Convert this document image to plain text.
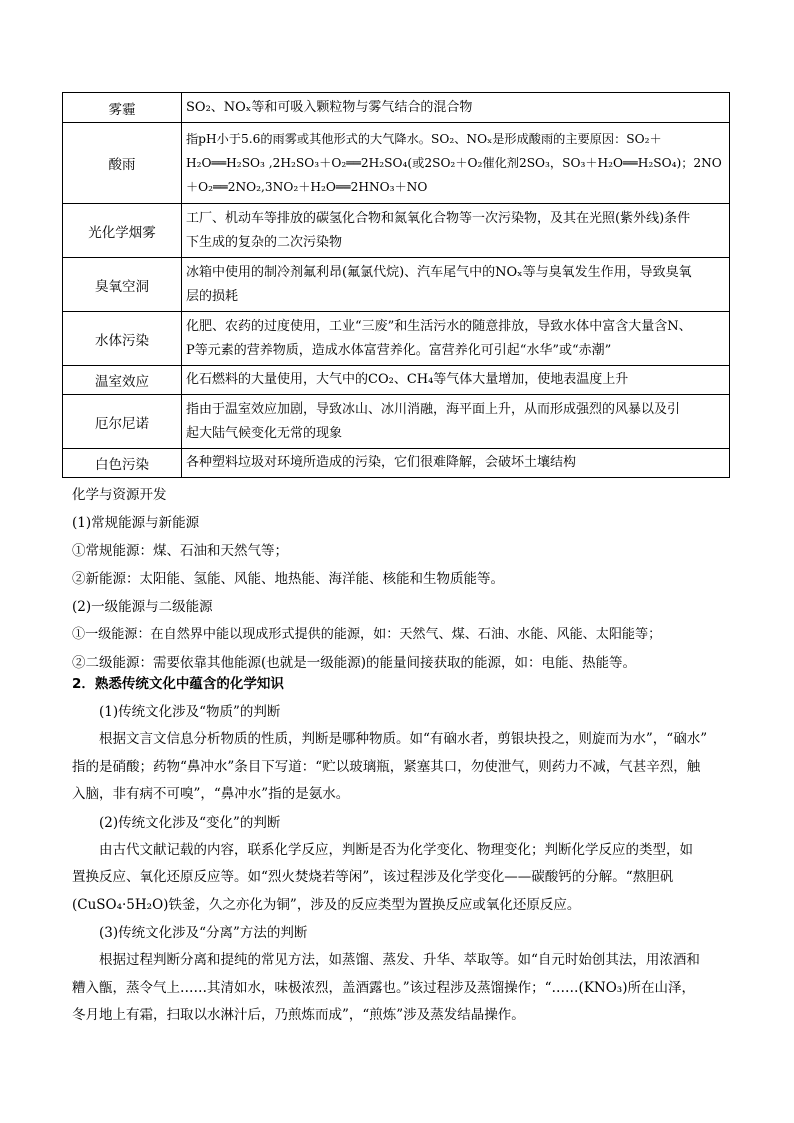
雾霾	SO₂、NOₓ等和可吸入颗粒物与雾气结合的混合物

酸雨	指pH小于5.6的雨雾或其他形式的大气降水。SO₂、NOₓ是形成酸雨的主要原因：SO₂＋
H₂O══H₂SO₃ ,2H₂SO₃＋O₂══2H₂SO₄(或2SO₂＋O₂催化剂2SO₃，SO₃＋H₂O══H₂SO₄)；2NO
＋O₂══2NO₂,3NO₂＋H₂O══2HNO₃＋NO

光化学烟雾	工厂、机动车等排放的碳氢化合物和氮氧化合物等一次污染物，及其在光照(紫外线)条件
下生成的复杂的二次污染物

臭氧空洞	冰箱中使用的制冷剂氟利昂(氟氯代烷)、汽车尾气中的NOₓ等与臭氧发生作用，导致臭氧
层的损耗

水体污染	化肥、农药的过度使用，工业“三废”和生活污水的随意排放，导致水体中富含大量含N、
P等元素的营养物质，造成水体富营养化。富营养化可引起“水华”或“赤潮”

温室效应	化石燃料的大量使用，大气中的CO₂、CH₄等气体大量增加，使地表温度上升

厄尔尼诺	指由于温室效应加剧，导致冰山、冰川消融，海平面上升，从而形成强烈的风暴以及引
起大陆气候变化无常的现象

白色污染	各种塑料垃圾对环境所造成的污染，它们很难降解，会破坏土壤结构
化学与资源开发
(1)常规能源与新能源
①常规能源：煤、石油和天然气等；
②新能源：太阳能、氢能、风能、地热能、海洋能、核能和生物质能等。
(2)一级能源与二级能源
①一级能源：在自然界中能以现成形式提供的能源，如：天然气、煤、石油、水能、风能、太阳能等；
②二级能源：需要依靠其他能源(也就是一级能源)的能量间接获取的能源，如：电能、热能等。
2．熟悉传统文化中蕴含的化学知识
(1)传统文化涉及“物质”的判断
根据文言文信息分析物质的性质，判断是哪种物质。如“有硇水者，剪银块投之，则旋而为水”，“硇水”
指的是硝酸；药物“鼻冲水”条目下写道：“贮以玻璃瓶，紧塞其口，勿使泄气，则药力不减，气甚辛烈，触
入脑，非有病不可嗅”，“鼻冲水”指的是氨水。
(2)传统文化涉及“变化”的判断
由古代文献记载的内容，联系化学反应，判断是否为化学变化、物理变化；判断化学反应的类型，如
置换反应、氧化还原反应等。如“烈火焚烧若等闲”，该过程涉及化学变化——碳酸钙的分解。“熬胆矾
(CuSO₄·5H₂O)铁釜，久之亦化为铜”，涉及的反应类型为置换反应或氧化还原反应。
(3)传统文化涉及“分离”方法的判断
根据过程判断分离和提纯的常见方法，如蒸馏、蒸发、升华、萃取等。如“自元时始创其法，用浓酒和
糟入甑，蒸令气上……其清如水，味极浓烈，盖酒露也。”该过程涉及蒸馏操作；“……(KNO₃)所在山泽，
冬月地上有霜，扫取以水淋汁后，乃煎炼而成”，“煎炼”涉及蒸发结晶操作。
